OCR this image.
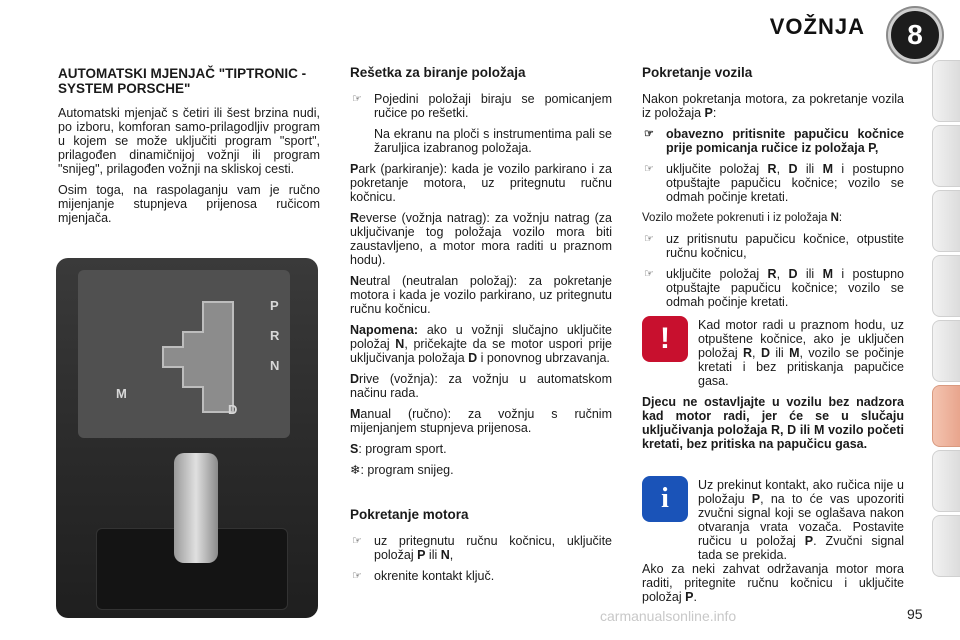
VOŽNJA	8
AUTOMATSKI MJENJAČ "TIPTRONIC - SYSTEM PORSCHE"

Automatski mjenjač s četiri ili šest brzina nudi, po izboru, komforan samo-prilagodljiv program u kojem se može uključiti program "sport", prilagođen dinamičnijoj vožnji ili program "snijeg", prilagođen vožnji na skliskoj cesti.

Osim toga, na raspolaganju vam je ručno mijenjanje stupnjeva prijenosa ručicom mjenjača.

P
R
N
D
M
Rešetka za biranje položaja
☞ Pojedini položaji biraju se pomicanjem ručice po rešetki.

Na ekranu na ploči s instrumentima pali se žaruljica izabranog položaja.

Park (parkiranje): kada je vozilo parkirano i za pokretanje motora, uz pritegnutu ručnu kočnicu.

Reverse (vožnja natrag): za vožnju natrag (za uključivanje tog položaja vozilo mora biti zaustavljeno, a motor mora raditi u praznom hodu).

Neutral (neutralan položaj): za pokretanje motora i kada je vozilo parkirano, uz pritegnutu ručnu kočnicu.

Napomena: ako u vožnji slučajno uključite položaj N, pričekajte da se motor uspori prije uključivanja položaja D i ponovnog ubrzavanja.

Drive (vožnja): za vožnju u automatskom načinu rada.

Manual (ručno): za vožnju s ručnim mijenjanjem stupnjeva prijenosa.

S: program sport.

❄: program snijeg.

Pokretanje motora
☞ uz pritegnutu ručnu kočnicu, uključite položaj P ili N,
☞ okrenite kontakt ključ.
Pokretanje vozila

Nakon pokretanja motora, za pokretanje vozila iz položaja P:

☞ obavezno pritisnite papučicu kočnice prije pomicanja ručice iz položaja P,
☞ uključite položaj R, D ili M i postupno otpuštajte papučicu kočnice; vozilo se odmah počinje kretati.

Vozilo možete pokrenuti i iz položaja N:

☞ uz pritisnutu papučicu kočnice, otpustite ručnu kočnicu,
☞ uključite položaj R, D ili M i postupno otpuštajte papučicu kočnice; vozilo se odmah počinje kretati.
!	Kad motor radi u praznom hodu, uz otpuštene kočnice, ako je uključen položaj R, D ili M, vozilo se počinje kretati i bez pritiskanja papučice gasa.

Djecu ne ostavljajte u vozilu bez nadzora kad motor radi, jer će se u slučaju uključivanja položaja R, D ili M vozilo početi kretati, bez pritiska na papučicu gasa.

i	Uz prekinut kontakt, ako ručica nije u položaju P, na to će vas upozoriti zvučni signal koji se oglašava nakon otvaranja vrata vozača. Postavite ručicu u položaj P. Zvučni signal tada se prekida.

Ako za neki zahvat održavanja motor mora raditi, pritegnite ručnu kočnicu i uključite položaj P.

carmanualsonline.info	95
